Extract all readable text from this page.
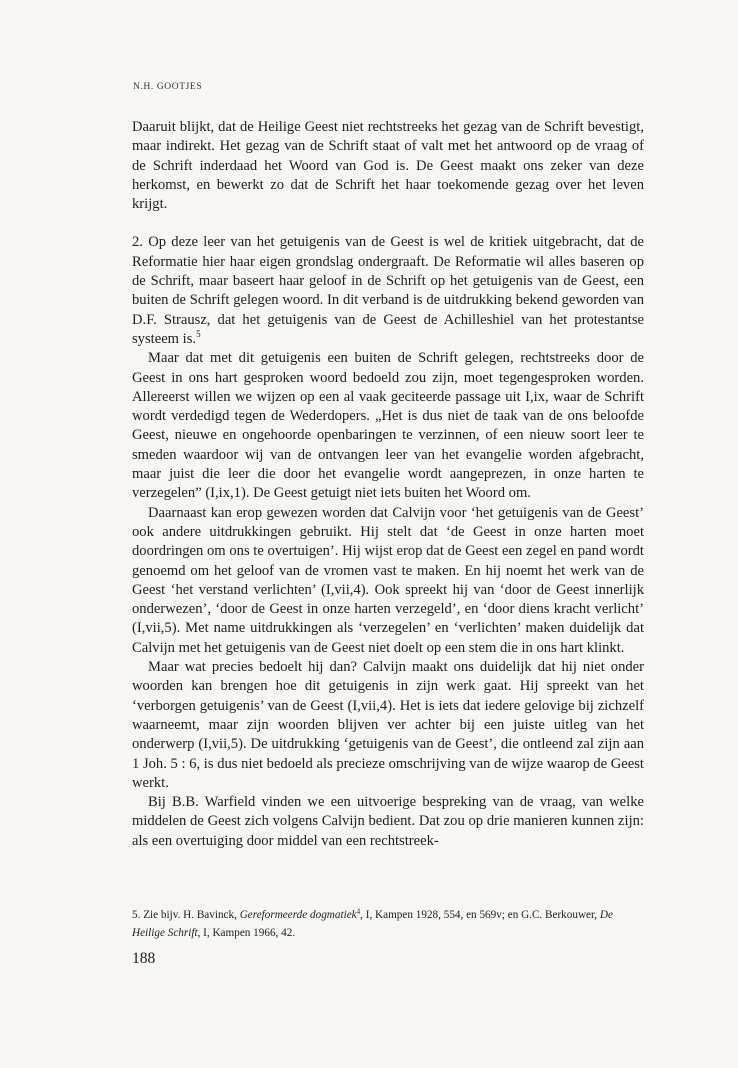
N.H. GOOTJES

Daaruit blijkt, dat de Heilige Geest niet rechtstreeks het gezag van de Schrift bevestigt, maar indirekt. Het gezag van de Schrift staat of valt met het antwoord op de vraag of de Schrift inderdaad het Woord van God is. De Geest maakt ons zeker van deze herkomst, en bewerkt zo dat de Schrift het haar toekomende gezag over het leven krijgt.

2. Op deze leer van het getuigenis van de Geest is wel de kritiek uitgebracht, dat de Reformatie hier haar eigen grondslag ondergraaft. De Reformatie wil alles baseren op de Schrift, maar baseert haar geloof in de Schrift op het getuigenis van de Geest, een buiten de Schrift gelegen woord. In dit verband is de uitdrukking bekend geworden van D.F. Strausz, dat het getuigenis van de Geest de Achilleshiel van het protestantse systeem is.$^5$

Maar dat met dit getuigenis een buiten de Schrift gelegen, rechtstreeks door de Geest in ons hart gesproken woord bedoeld zou zijn, moet tegengesproken worden. Allereerst willen we wijzen op een al vaak geciteerde passage uit I,ix, waar de Schrift wordt verdedigd tegen de Wederdopers. „Het is dus niet de taak van de ons beloofde Geest, nieuwe en ongehoorde openbaringen te verzinnen, of een nieuw soort leer te smeden waardoor wij van de ontvangen leer van het evangelie worden afgebracht, maar juist die leer die door het evangelie wordt aangeprezen, in onze harten te verzegelen” (I,ix,1). De Geest getuigt niet iets buiten het Woord om.

Daarnaast kan erop gewezen worden dat Calvijn voor ‘het getuigenis van de Geest’ ook andere uitdrukkingen gebruikt. Hij stelt dat ‘de Geest in onze harten moet doordringen om ons te overtuigen’. Hij wijst erop dat de Geest een zegel en pand wordt genoemd om het geloof van de vromen vast te maken. En hij noemt het werk van de Geest ‘het verstand verlichten’ (I,vii,4). Ook spreekt hij van ‘door de Geest innerlijk onderwezen’, ‘door de Geest in onze harten verzegeld’, en ‘door diens kracht verlicht’ (I,vii,5). Met name uitdrukkingen als ‘verzegelen’ en ‘verlichten’ maken duidelijk dat Calvijn met het getuigenis van de Geest niet doelt op een stem die in ons hart klinkt.

Maar wat precies bedoelt hij dan? Calvijn maakt ons duidelijk dat hij niet onder woorden kan brengen hoe dit getuigenis in zijn werk gaat. Hij spreekt van het ‘verborgen getuigenis’ van de Geest (I,vii,4). Het is iets dat iedere gelovige bij zichzelf waarneemt, maar zijn woorden blijven ver achter bij een juiste uitleg van het onderwerp (I,vii,5). De uitdrukking ‘getuigenis van de Geest’, die ontleend zal zijn aan 1 Joh. 5 : 6, is dus niet bedoeld als precieze omschrijving van de wijze waarop de Geest werkt.

Bij B.B. Warfield vinden we een uitvoerige bespreking van de vraag, van welke middelen de Geest zich volgens Calvijn bedient. Dat zou op drie manieren kunnen zijn: als een overtuiging door middel van een rechtstreek-

5. Zie bijv. H. Bavinck, Gereformeerde dogmatiek$^4$, I, Kampen 1928, 554, en 569v; en G.C. Berkouwer, De Heilige Schrift, I, Kampen 1966, 42.
188
